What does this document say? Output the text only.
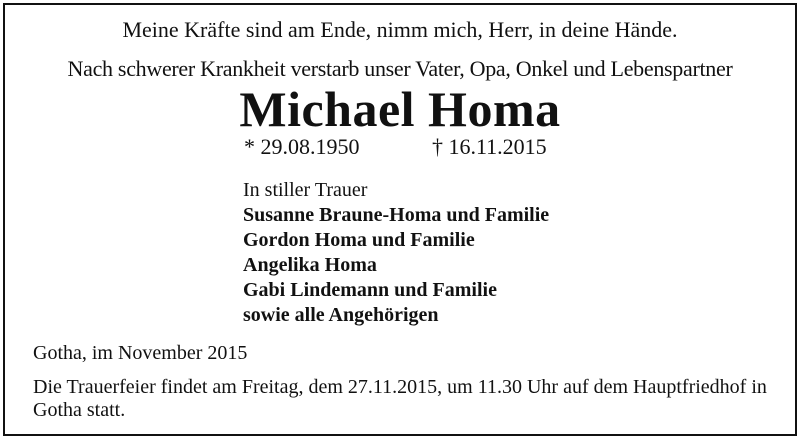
Meine Kräfte sind am Ende, nimm mich, Herr, in deine Hände.
Nach schwerer Krankheit verstarb unser Vater, Opa, Onkel und Lebenspartner
Michael Homa
* 29.08.1950	† 16.11.2015
In stiller Trauer
Susanne Braune-Homa und Familie
Gordon Homa und Familie
Angelika Homa
Gabi Lindemann und Familie
sowie alle Angehörigen
Gotha, im November 2015
Die Trauerfeier findet am Freitag, dem 27.11.2015, um 11.30 Uhr auf dem Hauptfriedhof in Gotha statt.
